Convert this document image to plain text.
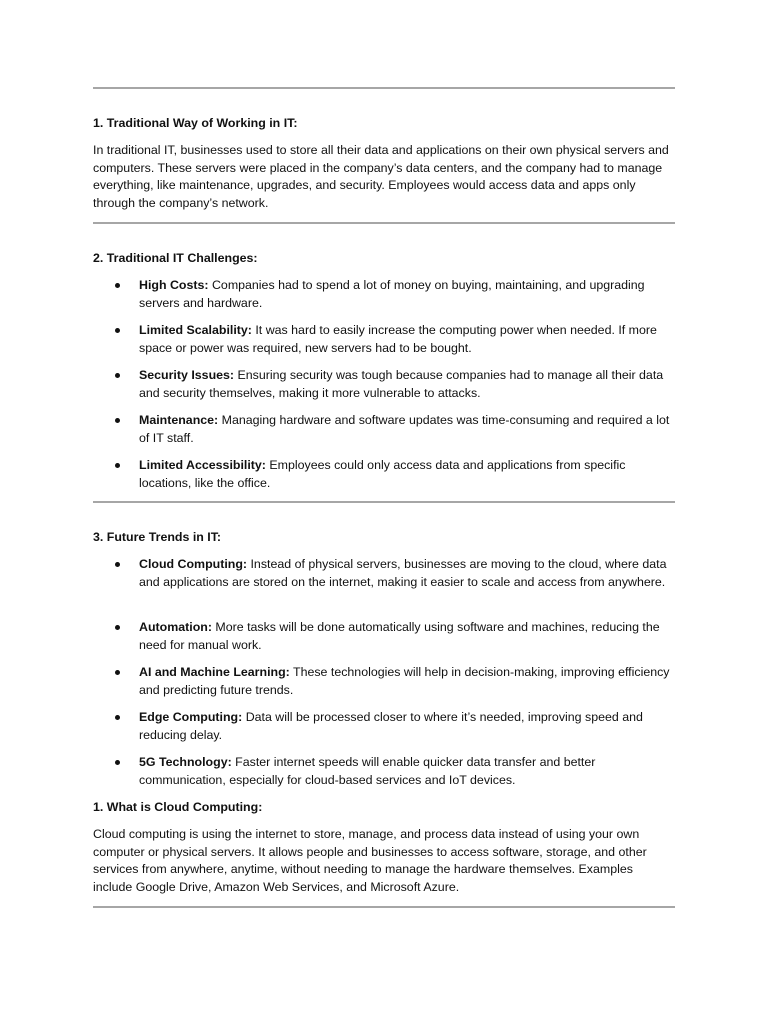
1. Traditional Way of Working in IT:

In traditional IT, businesses used to store all their data and applications on their own physical servers and computers. These servers were placed in the company’s data centers, and the company had to manage everything, like maintenance, upgrades, and security. Employees would access data and apps only through the company’s network.

2. Traditional IT Challenges:

High Costs: Companies had to spend a lot of money on buying, maintaining, and upgrading servers and hardware.

Limited Scalability: It was hard to easily increase the computing power when needed. If more space or power was required, new servers had to be bought.

Security Issues: Ensuring security was tough because companies had to manage all their data and security themselves, making it more vulnerable to attacks.

Maintenance: Managing hardware and software updates was time-consuming and required a lot of IT staff.

Limited Accessibility: Employees could only access data and applications from specific locations, like the office.

3. Future Trends in IT:

Cloud Computing: Instead of physical servers, businesses are moving to the cloud, where data and applications are stored on the internet, making it easier to scale and access from anywhere.

Automation: More tasks will be done automatically using software and machines, reducing the need for manual work.

AI and Machine Learning: These technologies will help in decision-making, improving efficiency and predicting future trends.

Edge Computing: Data will be processed closer to where it’s needed, improving speed and reducing delay.

5G Technology: Faster internet speeds will enable quicker data transfer and better communication, especially for cloud-based services and IoT devices.

1. What is Cloud Computing:

Cloud computing is using the internet to store, manage, and process data instead of using your own computer or physical servers. It allows people and businesses to access software, storage, and other services from anywhere, anytime, without needing to manage the hardware themselves. Examples include Google Drive, Amazon Web Services, and Microsoft Azure.
